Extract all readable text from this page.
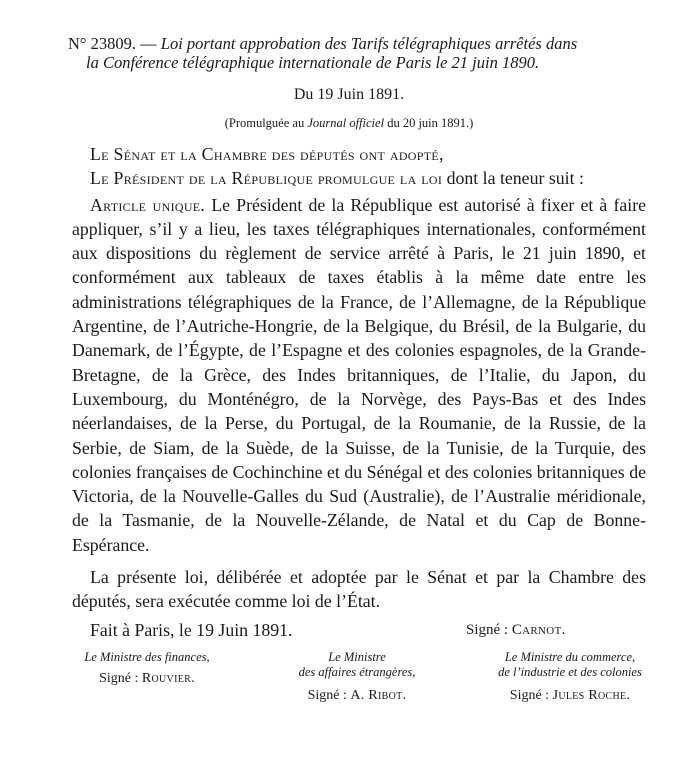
N° 23809. — Loi portant approbation des Tarifs télégraphiques arrêtés dans
la Conférence télégraphique internationale de Paris le 21 juin 1890.
Du 19 Juin 1891.
(Promulguée au Journal officiel du 20 juin 1891.)

Le Sénat et la Chambre des députés ont adopté,

Le Président de la République promulgue la loi dont la teneur suit :

Article unique. Le Président de la République est autorisé à fixer et à faire appliquer, s’il y a lieu, les taxes télégraphiques internationales, conformément aux dispositions du règlement de service arrêté à Paris, le 21 juin 1890, et conformément aux tableaux de taxes établis à la même date entre les administrations télégraphiques de la France, de l’Allemagne, de la République Argentine, de l’Autriche-Hongrie, de la Belgique, du Brésil, de la Bulgarie, du Danemark, de l’Égypte, de l’Espagne et des colonies espagnoles, de la Grande-Bretagne, de la Grèce, des Indes britanniques, de l’Italie, du Japon, du Luxembourg, du Monténégro, de la Norvège, des Pays-Bas et des Indes néerlandaises, de la Perse, du Portugal, de la Roumanie, de la Russie, de la Serbie, de Siam, de la Suède, de la Suisse, de la Tunisie, de la Turquie, des colonies françaises de Cochinchine et du Sénégal et des colonies britanniques de Victoria, de la Nouvelle-Galles du Sud (Australie), de l’Australie méridionale, de la Tasmanie, de la Nouvelle-Zélande, de Natal et du Cap de Bonne-Espérance.

La présente loi, délibérée et adoptée par le Sénat et par la Chambre des députés, sera exécutée comme loi de l’État.

Fait à Paris, le 19 Juin 1891.	Signé : Carnot.
Le Ministre des finances,
Signé : Rouvier.
Le Ministre
des affaires étrangères,
Signé : A. Ribot.
Le Ministre du commerce,
de l’industrie et des colonies
Signé : Jules Roche.
